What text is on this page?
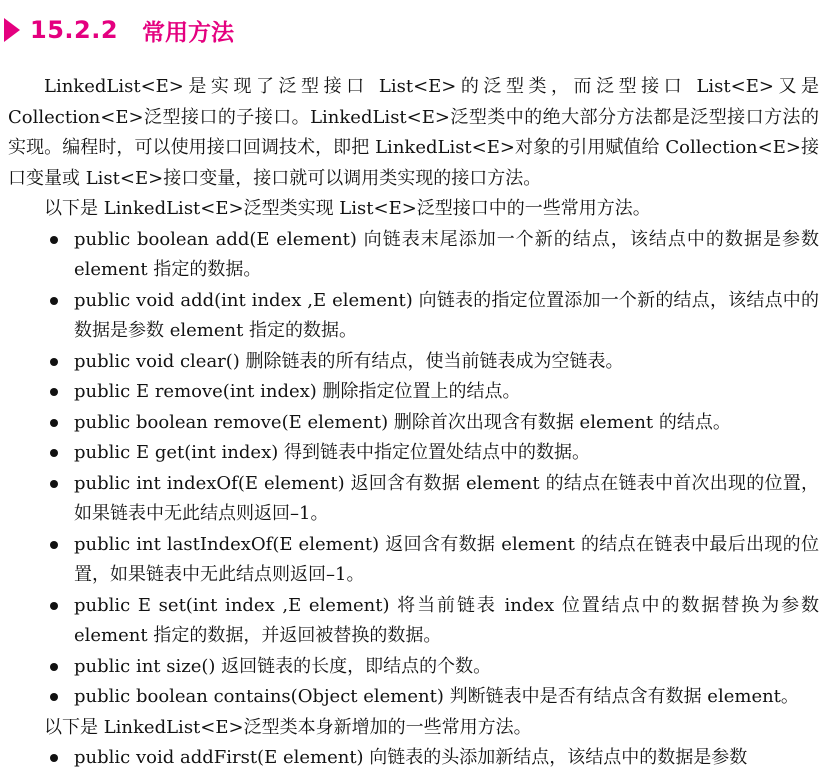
15.2.2 常用方法

LinkedList<E>是实现了泛型接口 List<E>的泛型类，而泛型接口 List<E>又是Collection<E>泛型接口的子接口。LinkedList<E>泛型类中的绝大部分方法都是泛型接口方法的实现。编程时，可以使用接口回调技术，即把 LinkedList<E>对象的引用赋值给 Collection<E>接口变量或 List<E>接口变量，接口就可以调用类实现的接口方法。

以下是 LinkedList<E>泛型类实现 List<E>泛型接口中的一些常用方法。

public boolean add(E element) 向链表末尾添加一个新的结点，该结点中的数据是参数 element 指定的数据。
public void add(int index ,E element) 向链表的指定位置添加一个新的结点，该结点中的数据是参数 element 指定的数据。
public void clear() 删除链表的所有结点，使当前链表成为空链表。
public E remove(int index) 删除指定位置上的结点。
public boolean remove(E element) 删除首次出现含有数据 element 的结点。
public E get(int index) 得到链表中指定位置处结点中的数据。
public int indexOf(E element) 返回含有数据 element 的结点在链表中首次出现的位置，如果链表中无此结点则返回–1。
public int lastIndexOf(E element) 返回含有数据 element 的结点在链表中最后出现的位置，如果链表中无此结点则返回–1。
public E set(int index ,E element) 将当前链表 index 位置结点中的数据替换为参数 element 指定的数据，并返回被替换的数据。
public int size() 返回链表的长度，即结点的个数。
public boolean contains(Object element) 判断链表中是否有结点含有数据 element。

以下是 LinkedList<E>泛型类本身新增加的一些常用方法。

public void addFirst(E element) 向链表的头添加新结点，该结点中的数据是参数
